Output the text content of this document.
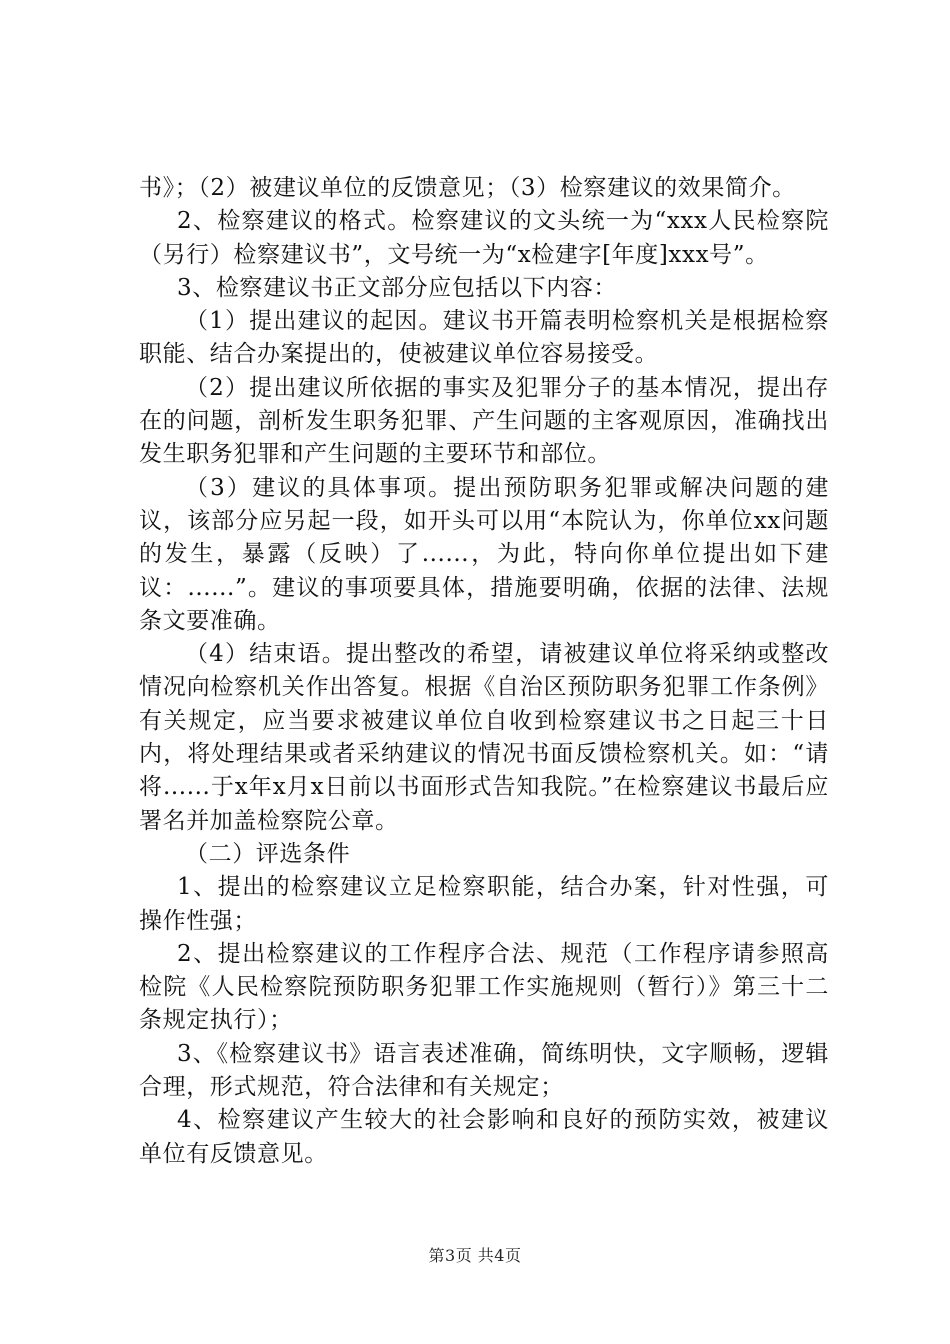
书》；（2）被建议单位的反馈意见；（3）检察建议的效果简介。

2、检察建议的格式。检察建议的文头统一为“xxx人民检察院（另行）检察建议书”，文号统一为“x检建字[年度]xxx号”。

3、检察建议书正文部分应包括以下内容：

（1）提出建议的起因。建议书开篇表明检察机关是根据检察职能、结合办案提出的，使被建议单位容易接受。

（2）提出建议所依据的事实及犯罪分子的基本情况，提出存在的问题，剖析发生职务犯罪、产生问题的主客观原因，准确找出发生职务犯罪和产生问题的主要环节和部位。

（3）建议的具体事项。提出预防职务犯罪或解决问题的建议，该部分应另起一段，如开头可以用“本院认为，你单位xx问题的发生，暴露（反映）了......，为此，特向你单位提出如下建议：......”。建议的事项要具体，措施要明确，依据的法律、法规条文要准确。

（4）结束语。提出整改的希望，请被建议单位将采纳或整改情况向检察机关作出答复。根据《自治区预防职务犯罪工作条例》有关规定，应当要求被建议单位自收到检察建议书之日起三十日内，将处理结果或者采纳建议的情况书面反馈检察机关。如：“请将......于x年x月x日前以书面形式告知我院。”在检察建议书最后应署名并加盖检察院公章。

（二）评选条件

1、提出的检察建议立足检察职能，结合办案，针对性强，可操作性强；

2、提出检察建议的工作程序合法、规范（工作程序请参照高检院《人民检察院预防职务犯罪工作实施规则（暂行）》第三十二条规定执行）；

3、《检察建议书》语言表述准确，简练明快，文字顺畅，逻辑合理，形式规范，符合法律和有关规定；

4、检察建议产生较大的社会影响和良好的预防实效，被建议单位有反馈意见。

第3页 共4页
